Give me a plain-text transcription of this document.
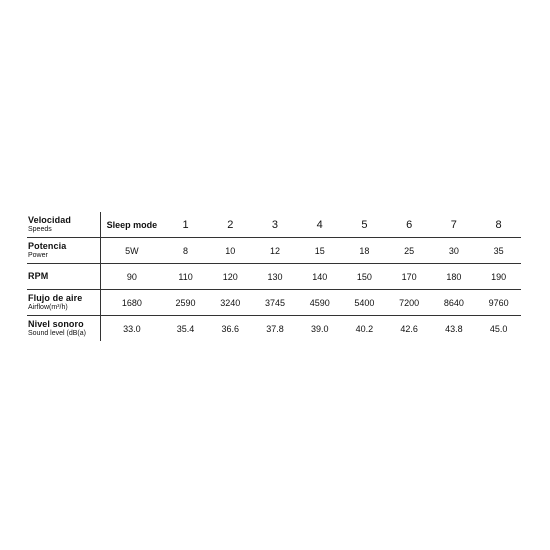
Velocidad
Speeds	Sleep mode	1	2	3	4	5	6	7	8

Potencia
Power	5W	8	10	12	15	18	25	30	35

RPM	90	110	120	130	140	150	170	180	190

Flujo de aire
Airflow(m³/h)	1680	2590	3240	3745	4590	5400	7200	8640	9760

Nivel sonoro
Sound level (dB(a)	33.0	35.4	36.6	37.8	39.0	40.2	42.6	43.8	45.0
